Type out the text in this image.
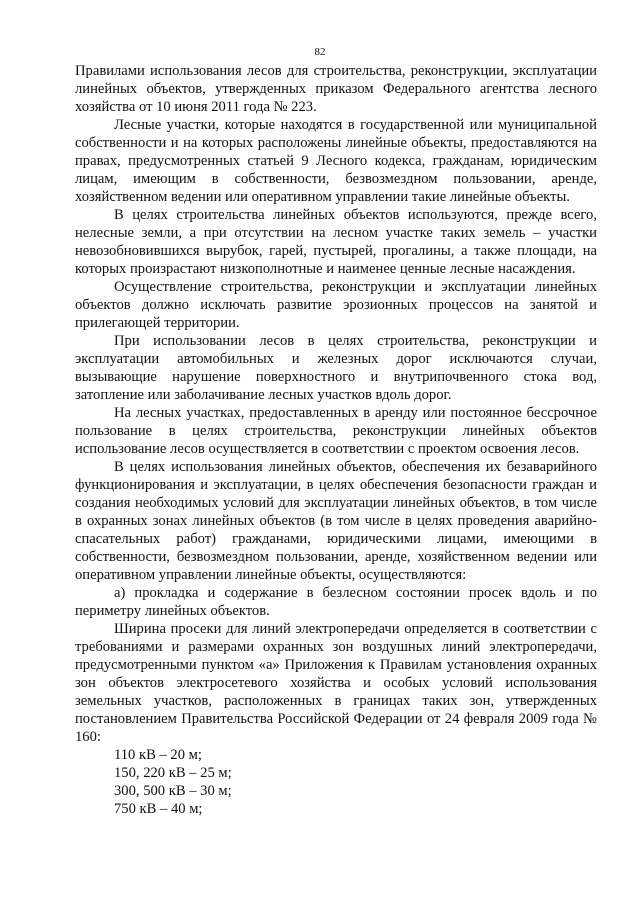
82

Правилами использования лесов для строительства, реконструкции, эксплуатации линейных объектов, утвержденных приказом Федерального агентства лесного хозяйства от 10 июня 2011 года № 223.

Лесные участки, которые находятся в государственной или муниципальной собственности и на которых расположены линейные объекты, предоставляются на правах, предусмотренных статьей 9 Лесного кодекса, гражданам, юридическим лицам, имеющим в собственности, безвозмездном пользовании, аренде, хозяйственном ведении или оперативном управлении такие линейные объекты.

В целях строительства линейных объектов используются, прежде всего, нелесные земли, а при отсутствии на лесном участке таких земель – участки невозобновившихся вырубок, гарей, пустырей, прогалины, а также площади, на которых произрастают низкополнотные и наименее ценные лесные насаждения.

Осуществление строительства, реконструкции и эксплуатации линейных объектов должно исключать развитие эрозионных процессов на занятой и прилегающей территории.

При использовании лесов в целях строительства, реконструкции и эксплуатации автомобильных и железных дорог исключаются случаи, вызывающие нарушение поверхностного и внутрипочвенного стока вод, затопление или заболачивание лесных участков вдоль дорог.

На лесных участках, предоставленных в аренду или постоянное бессрочное пользование в целях строительства, реконструкции линейных объектов использование лесов осуществляется в соответствии с проектом освоения лесов.

В целях использования линейных объектов, обеспечения их безаварийного функционирования и эксплуатации, в целях обеспечения безопасности граждан и создания необходимых условий для эксплуатации линейных объектов, в том числе в охранных зонах линейных объектов (в том числе в целях проведения аварийно-спасательных работ) гражданами, юридическими лицами, имеющими в собственности, безвозмездном пользовании, аренде, хозяйственном ведении или оперативном управлении линейные объекты, осуществляются:

а) прокладка и содержание в безлесном состоянии просек вдоль и по периметру линейных объектов.

Ширина просеки для линий электропередачи определяется в соответствии с требованиями и размерами охранных зон воздушных линий электропередачи, предусмотренными пунктом «а» Приложения к Правилам установления охранных зон объектов электросетевого хозяйства и особых условий использования земельных участков, расположенных в границах таких зон, утвержденных постановлением Правительства Российской Федерации от 24 февраля 2009 года № 160:

110 кВ – 20 м;

150, 220 кВ – 25 м;

300, 500 кВ – 30 м;

750 кВ – 40 м;
